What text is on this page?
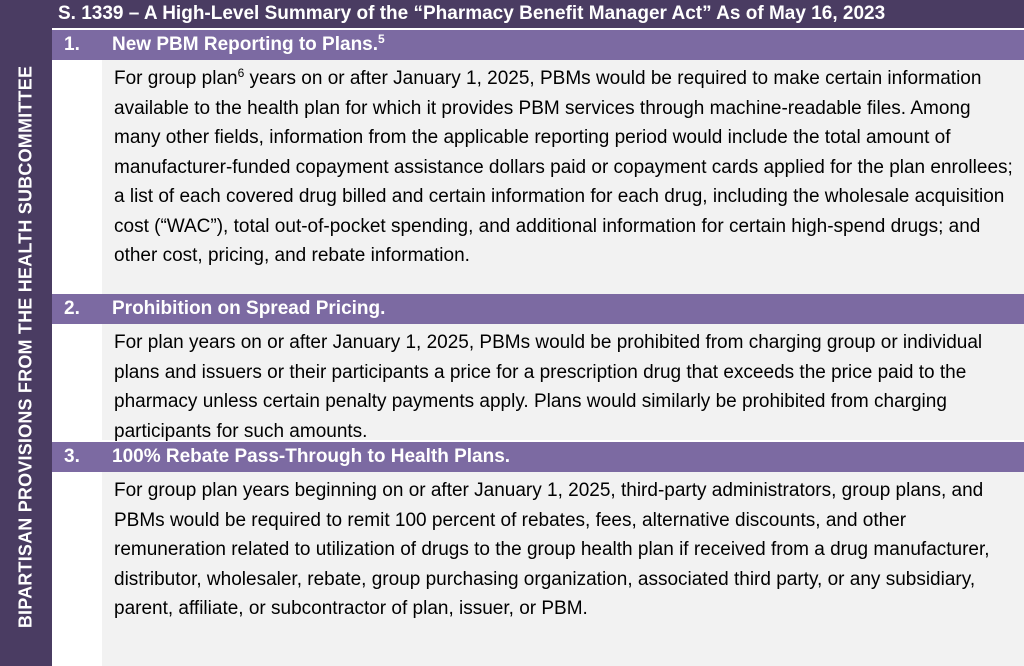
S. 1339 – A High-Level Summary of the “Pharmacy Benefit Manager Act” As of May 16, 2023
BIPARTISAN PROVISIONS FROM THE HEALTH SUBCOMMITTEE
1. New PBM Reporting to Plans.$^5$
For group plan$^6$ years on or after January 1, 2025, PBMs would be required to make certain information available to the health plan for which it provides PBM services through machine-readable files. Among many other fields, information from the applicable reporting period would include the total amount of manufacturer-funded copayment assistance dollars paid or copayment cards applied for the plan enrollees; a list of each covered drug billed and certain information for each drug, including the wholesale acquisition cost (“WAC”), total out-of-pocket spending, and additional information for certain high-spend drugs; and other cost, pricing, and rebate information.
2. Prohibition on Spread Pricing.
For plan years on or after January 1, 2025, PBMs would be prohibited from charging group or individual plans and issuers or their participants a price for a prescription drug that exceeds the price paid to the pharmacy unless certain penalty payments apply. Plans would similarly be prohibited from charging participants for such amounts.
3. 100% Rebate Pass-Through to Health Plans.
For group plan years beginning on or after January 1, 2025, third-party administrators, group plans, and PBMs would be required to remit 100 percent of rebates, fees, alternative discounts, and other remuneration related to utilization of drugs to the group health plan if received from a drug manufacturer, distributor, wholesaler, rebate, group purchasing organization, associated third party, or any subsidiary, parent, affiliate, or subcontractor of plan, issuer, or PBM.
